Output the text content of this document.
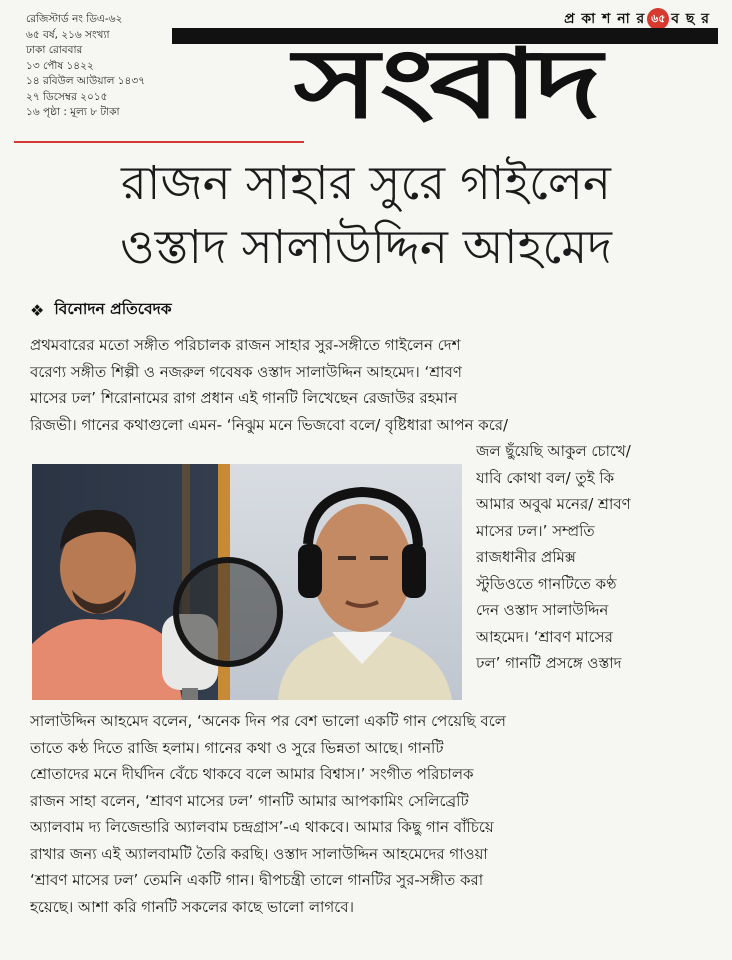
রেজিস্টার্ড নং ডিএ-৬২
৬৫ বর্ষ, ২১৬ সংখ্যা
ঢাকা রোববার
১৩ পৌষ ১৪২২
১৪ রবিউল আউয়াল ১৪৩৭
২৭ ডিসেম্বর ২০১৫
১৬ পৃষ্ঠা : মূল্য ৮ টাকা
প্র কা শ না র ৬৫ ব ছ র
সংবাদ
রাজন সাহার সুরে গাইলেন
ওস্তাদ সালাউদ্দিন আহমেদ
❖ বিনোদন প্রতিবেদক
প্রথমবারের মতো সঙ্গীত পরিচালক রাজন সাহার সুর-সঙ্গীতে গাইলেন দেশ
বরেণ্য সঙ্গীত শিল্পী ও নজরুল গবেষক ওস্তাদ সালাউদ্দিন আহমেদ। ‘শ্রাবণ
মাসের ঢল’ শিরোনামের রাগ প্রধান এই গানটি লিখেছেন রেজাউর রহমান
রিজভী। গানের কথাগুলো এমন- ‘নিঝুম মনে ভিজবো বলে/ বৃষ্টিধারা আপন করে/
জল ছুঁয়েছি আকুল চোখে/
যাবি কোথা বল/ তুই কি
আমার অবুঝ মনের/ শ্রাবণ
মাসের ঢল।’ সম্প্রতি
রাজধানীর প্রমিক্স
স্টুডিওতে গানটিতে কণ্ঠ
দেন ওস্তাদ সালাউদ্দিন
আহমেদ। ‘শ্রাবণ মাসের
ঢল’ গানটি প্রসঙ্গে ওস্তাদ
সালাউদ্দিন আহমেদ বলেন, ‘অনেক দিন পর বেশ ভালো একটি গান পেয়েছি বলে
তাতে কণ্ঠ দিতে রাজি হলাম। গানের কথা ও সুরে ভিন্নতা আছে। গানটি
শ্রোতাদের মনে দীর্ঘদিন বেঁচে থাকবে বলে আমার বিশ্বাস।’ সংগীত পরিচালক
রাজন সাহা বলেন, ‘শ্রাবণ মাসের ঢল’ গানটি আমার আপকামিং সেলিব্রেটি
অ্যালবাম দ্য লিজেন্ডারি অ্যালবাম চন্দ্রগ্রাস’-এ থাকবে। আমার কিছু গান বাঁচিয়ে
রাখার জন্য এই অ্যালবামটি তৈরি করছি। ওস্তাদ সালাউদ্দিন আহমেদের গাওয়া
‘শ্রাবণ মাসের ঢল’ তেমনি একটি গান। দ্বীপচন্ত্রী তালে গানটির সুর-সঙ্গীত করা
হয়েছে। আশা করি গানটি সকলের কাছে ভালো লাগবে।
